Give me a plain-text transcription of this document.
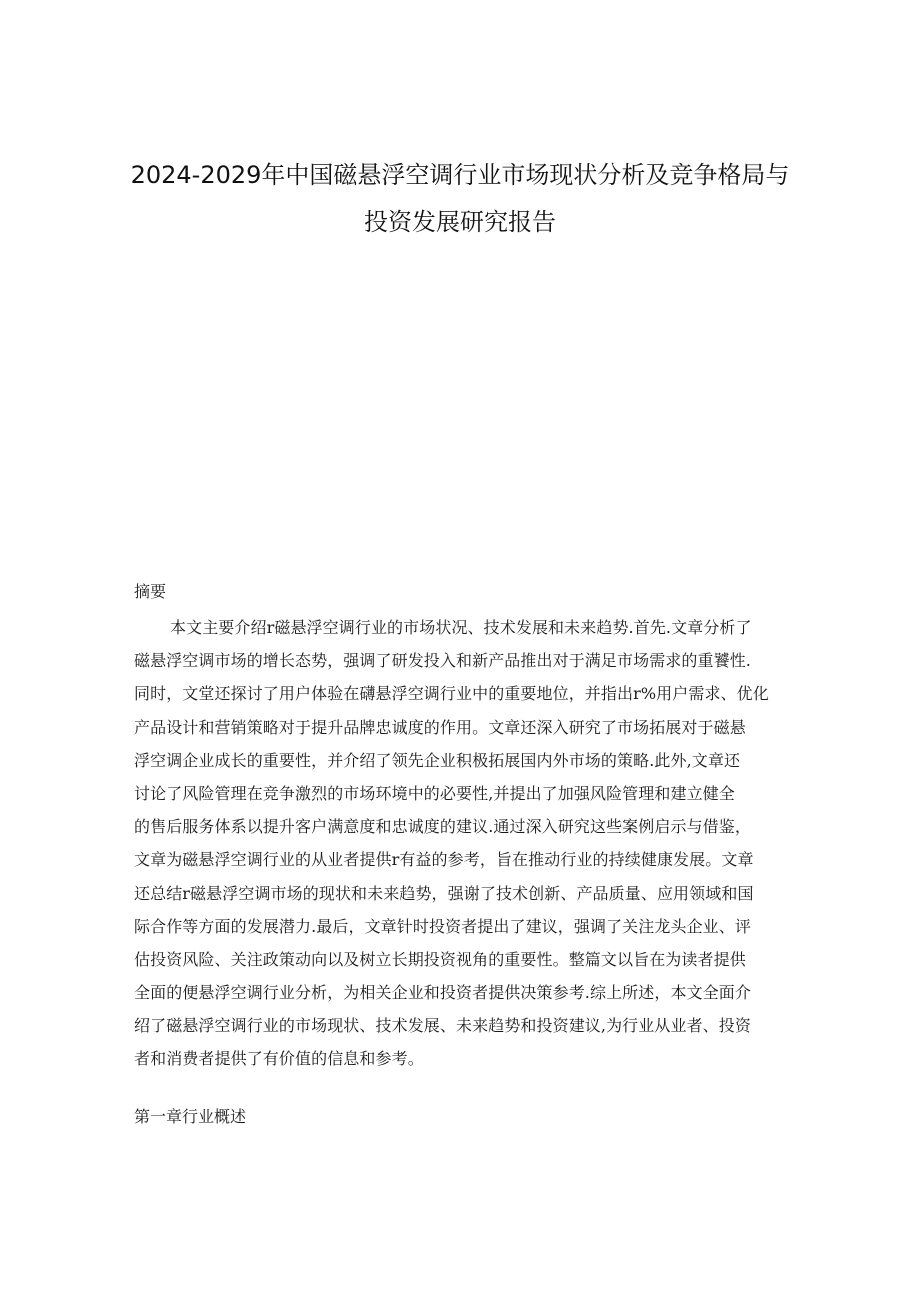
2024-2029年中国磁悬浮空调行业市场现状分析及竞争格局与
投资发展研究报告
摘要
本文主要介绍r磁悬浮空调行业的市场状况、技术发展和未来趋势.首先.文章分析了
磁悬浮空调市场的增长态势，强调了研发投入和新产品推出对于满足市场需求的重饕性.
同时，文堂还探讨了用户体验在礴悬浮空调行业中的重要地位，并指出r%用户需求、优化
产品设计和营销策略对于提升品牌忠诚度的作用。文章还深入研究了市场拓展对于磁悬
浮空调企业成长的重要性，并介绍了领先企业积极拓展国内外市场的策略.此外,文章还
讨论了风险管理在竞争激烈的市场环境中的必要性,并提出了加强风险管理和建立健全
的售后服务体系以提升客户满意度和忠诚度的建议.通过深入研究这些案例启示与借鉴，
文章为磁悬浮空调行业的从业者提供r有益的参考，旨在推动行业的持续健康发展。文章
还总结r磁悬浮空调市场的现状和未来趋势，强谢了技术创新、产品质量、应用领域和国
际合作等方面的发展潜力.最后，文章针时投资者提出了建议，强调了关注龙头企业、评
估投资风险、关注政策动向以及树立长期投资视角的重要性。整篇文以旨在为读者提供
全面的便悬浮空调行业分析，为相关企业和投资者提供决策参考.综上所述，本文全面介
绍了磁悬浮空调行业的市场现状、技术发展、未来趋势和投资建议,为行业从业者、投资
者和消费者提供了有价值的信息和参考。
第一章行业概述
